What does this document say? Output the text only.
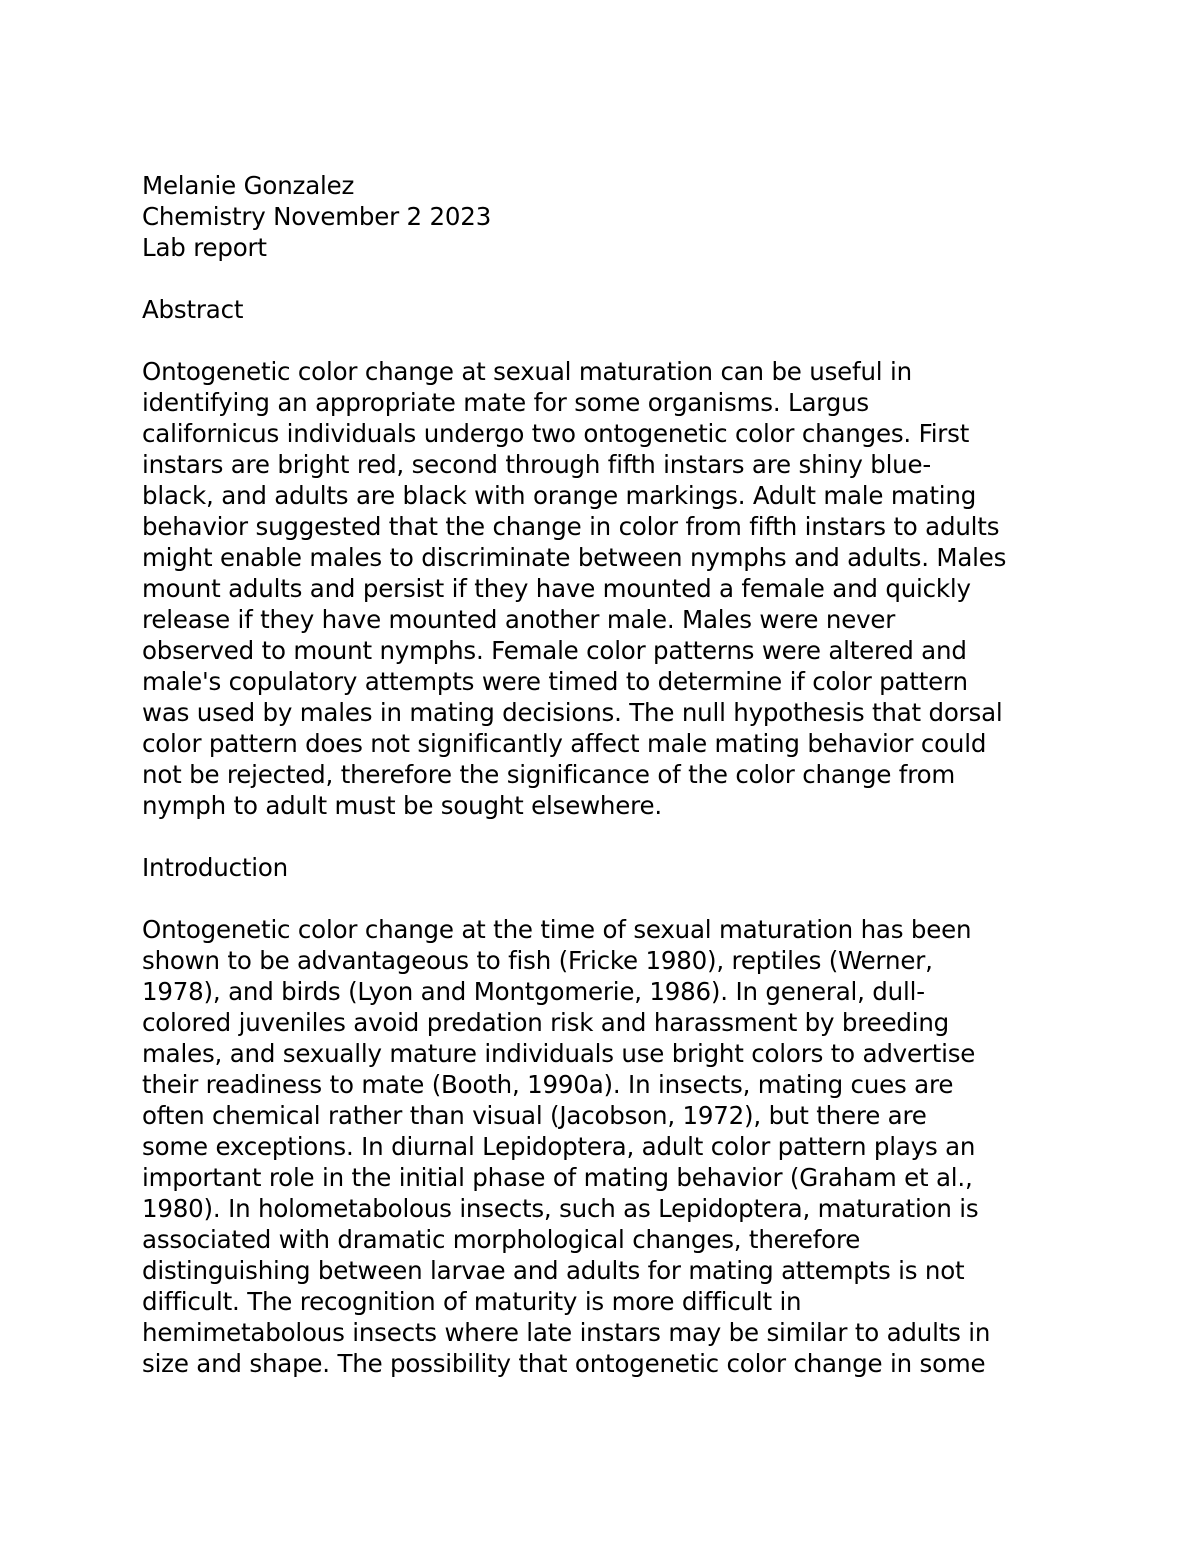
Melanie Gonzalez
Chemistry November 2 2023
Lab report
Abstract
Ontogenetic color change at sexual maturation can be useful in
identifying an appropriate mate for some organisms. Largus
californicus individuals undergo two ontogenetic color changes. First
instars are bright red, second through fifth instars are shiny blue-
black, and adults are black with orange markings. Adult male mating
behavior suggested that the change in color from fifth instars to adults
might enable males to discriminate between nymphs and adults. Males
mount adults and persist if they have mounted a female and quickly
release if they have mounted another male. Males were never
observed to mount nymphs. Female color patterns were altered and
male's copulatory attempts were timed to determine if color pattern
was used by males in mating decisions. The null hypothesis that dorsal
color pattern does not significantly affect male mating behavior could
not be rejected, therefore the significance of the color change from
nymph to adult must be sought elsewhere.
Introduction
Ontogenetic color change at the time of sexual maturation has been
shown to be advantageous to fish (Fricke 1980), reptiles (Werner,
1978), and birds (Lyon and Montgomerie, 1986). In general, dull-
colored juveniles avoid predation risk and harassment by breeding
males, and sexually mature individuals use bright colors to advertise
their readiness to mate (Booth, 1990a). In insects, mating cues are
often chemical rather than visual (Jacobson, 1972), but there are
some exceptions. In diurnal Lepidoptera, adult color pattern plays an
important role in the initial phase of mating behavior (Graham et al.,
1980). In holometabolous insects, such as Lepidoptera, maturation is
associated with dramatic morphological changes, therefore
distinguishing between larvae and adults for mating attempts is not
difficult. The recognition of maturity is more difficult in
hemimetabolous insects where late instars may be similar to adults in
size and shape. The possibility that ontogenetic color change in some
